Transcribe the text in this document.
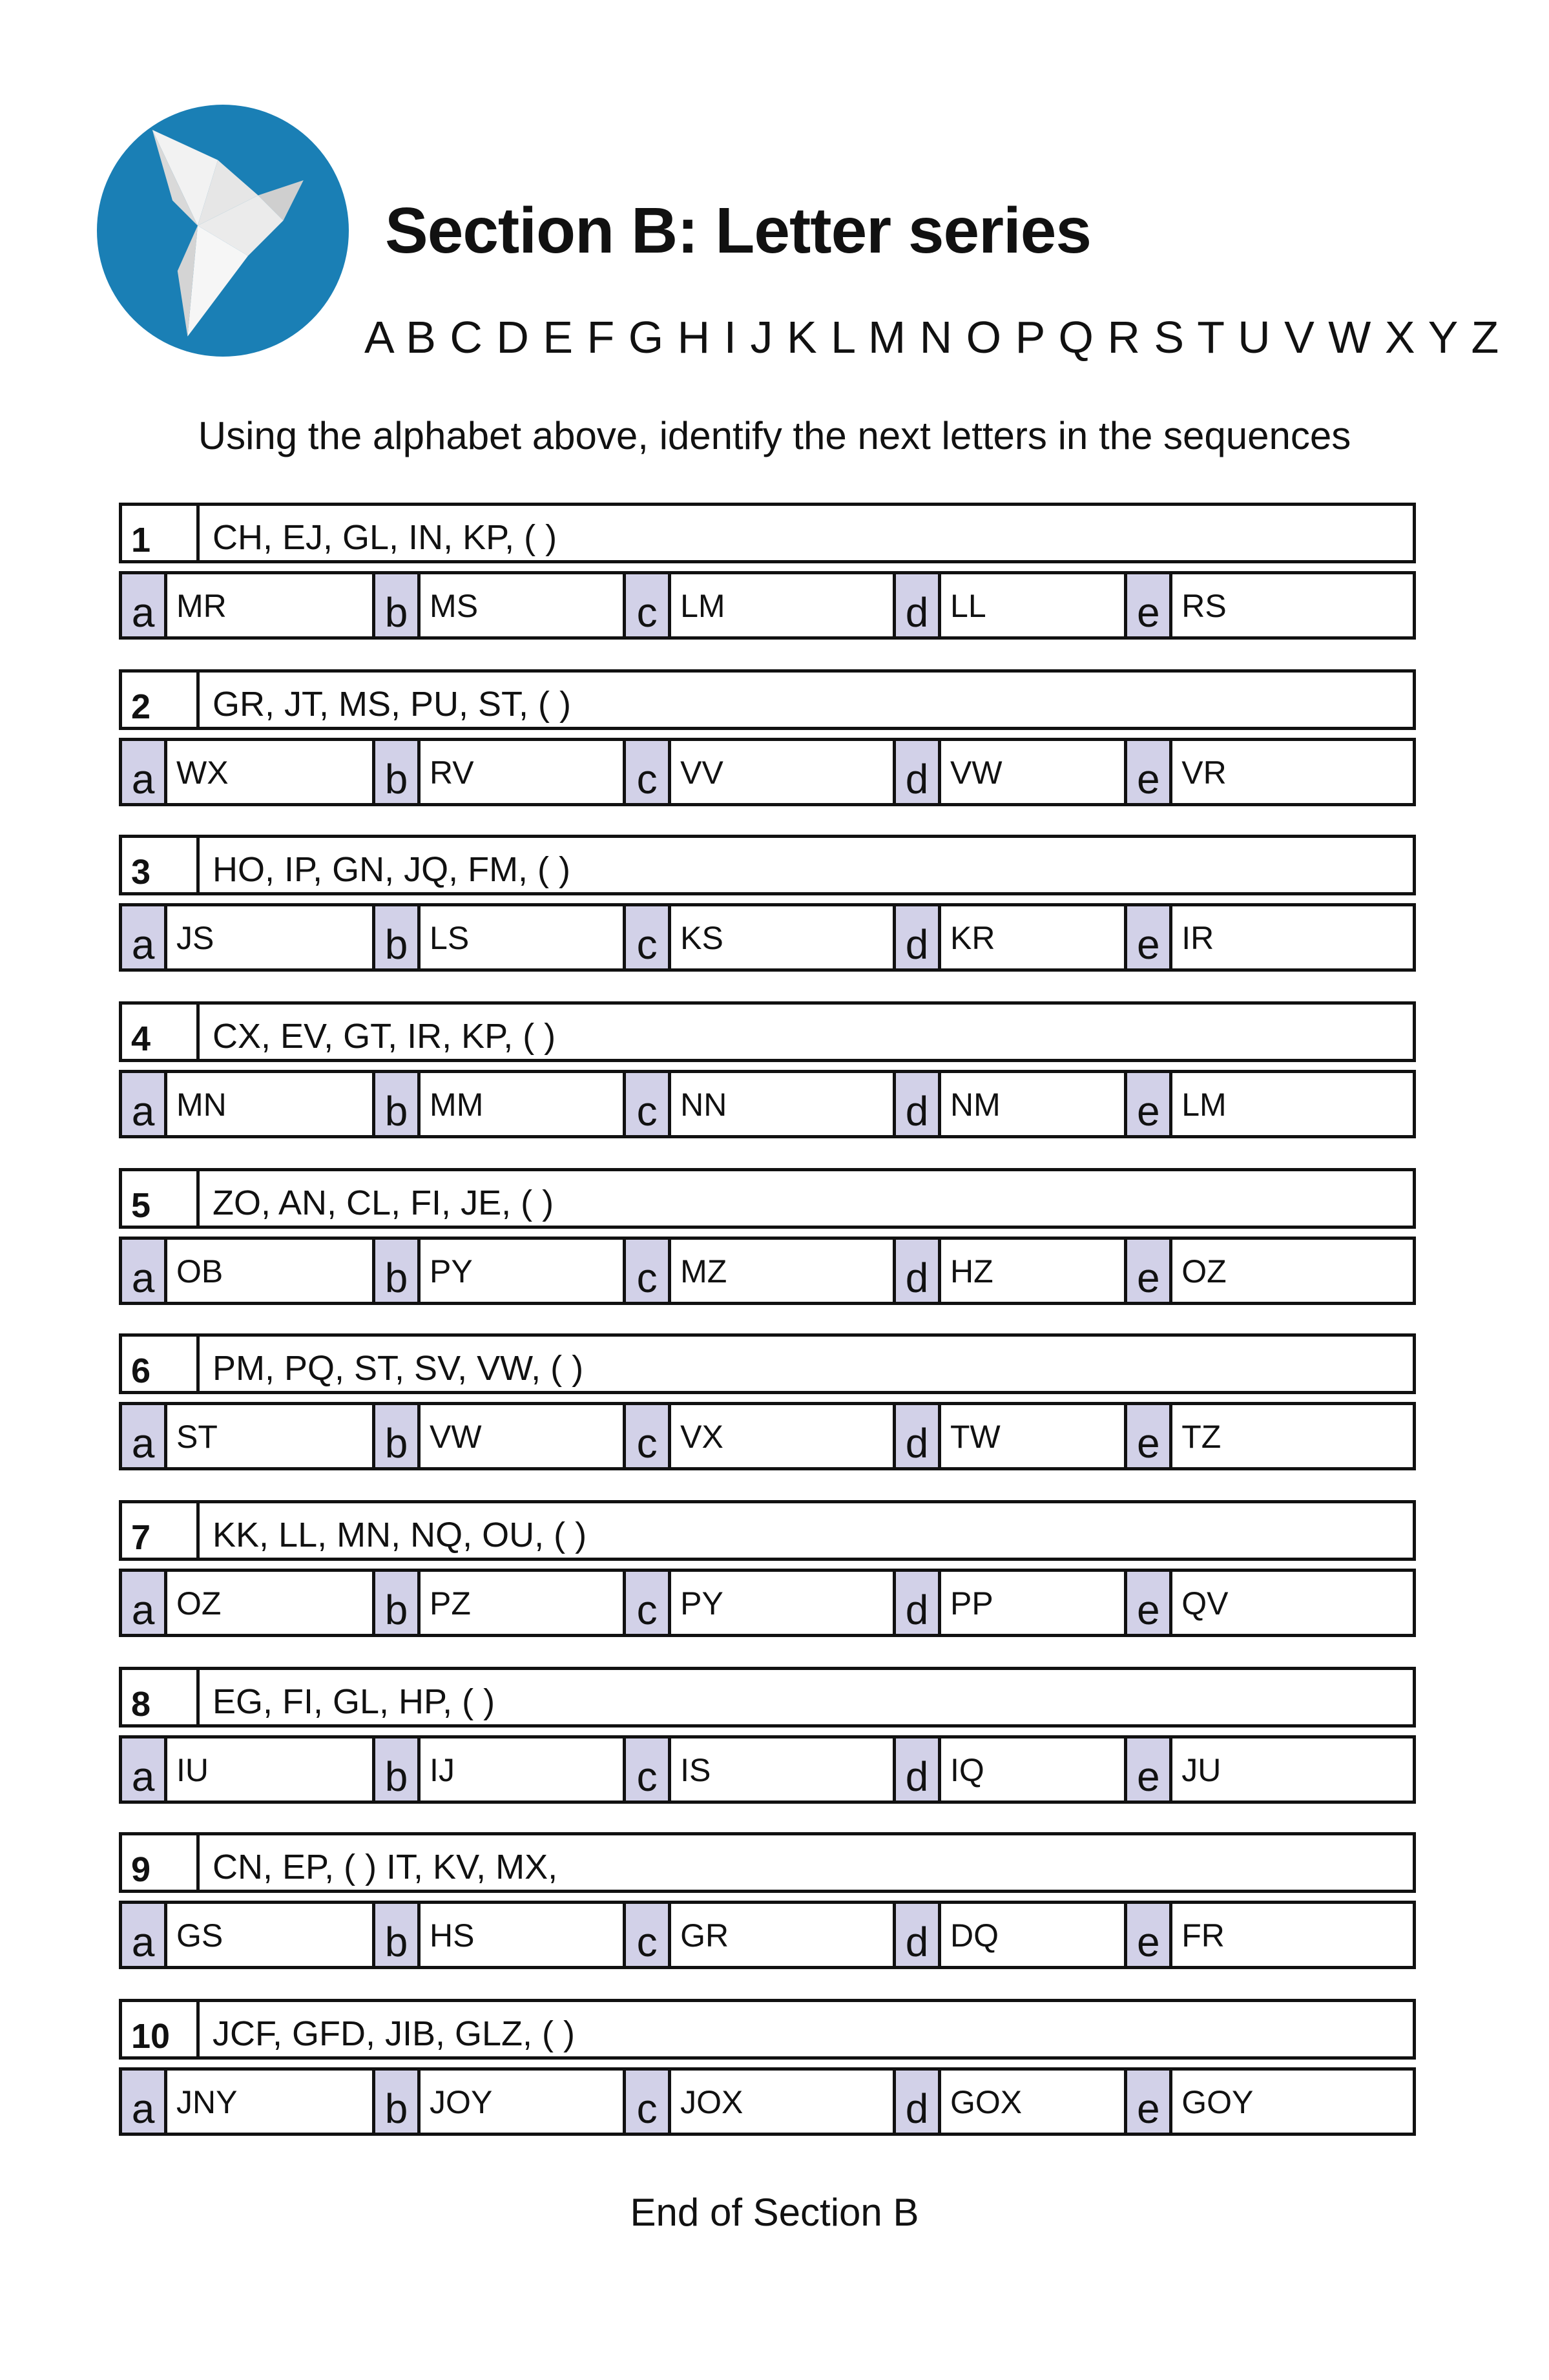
Section B: Letter series
A B C D E F G H I J K L M N O P Q R S T U V W X Y Z
Using the alphabet above, identify the next letters in the sequences
1	CH, EJ, GL, IN, KP, ( )
a MR	b MS	c LM	d LL	e RS
2	GR, JT, MS, PU, ST, ( )
a WX	b RV	c VV	d VW	e VR
3	HO, IP, GN, JQ, FM, ( )
a JS	b LS	c KS	d KR	e IR
4	CX, EV, GT, IR, KP, ( )
a MN	b MM	c NN	d NM	e LM
5	ZO, AN, CL, FI, JE, ( )
a OB	b PY	c MZ	d HZ	e OZ
6	PM, PQ, ST, SV, VW, ( )
a ST	b VW	c VX	d TW	e TZ
7	KK, LL, MN, NQ, OU, ( )
a OZ	b PZ	c PY	d PP	e QV
8	EG, FI, GL, HP, ( )
a IU	b IJ	c IS	d IQ	e JU
9	CN, EP, ( ) IT, KV, MX,
a GS	b HS	c GR	d DQ	e FR
10	JCF, GFD, JIB, GLZ, ( )
a JNY	b JOY	c JOX	d GOX	e GOY
End of Section B
